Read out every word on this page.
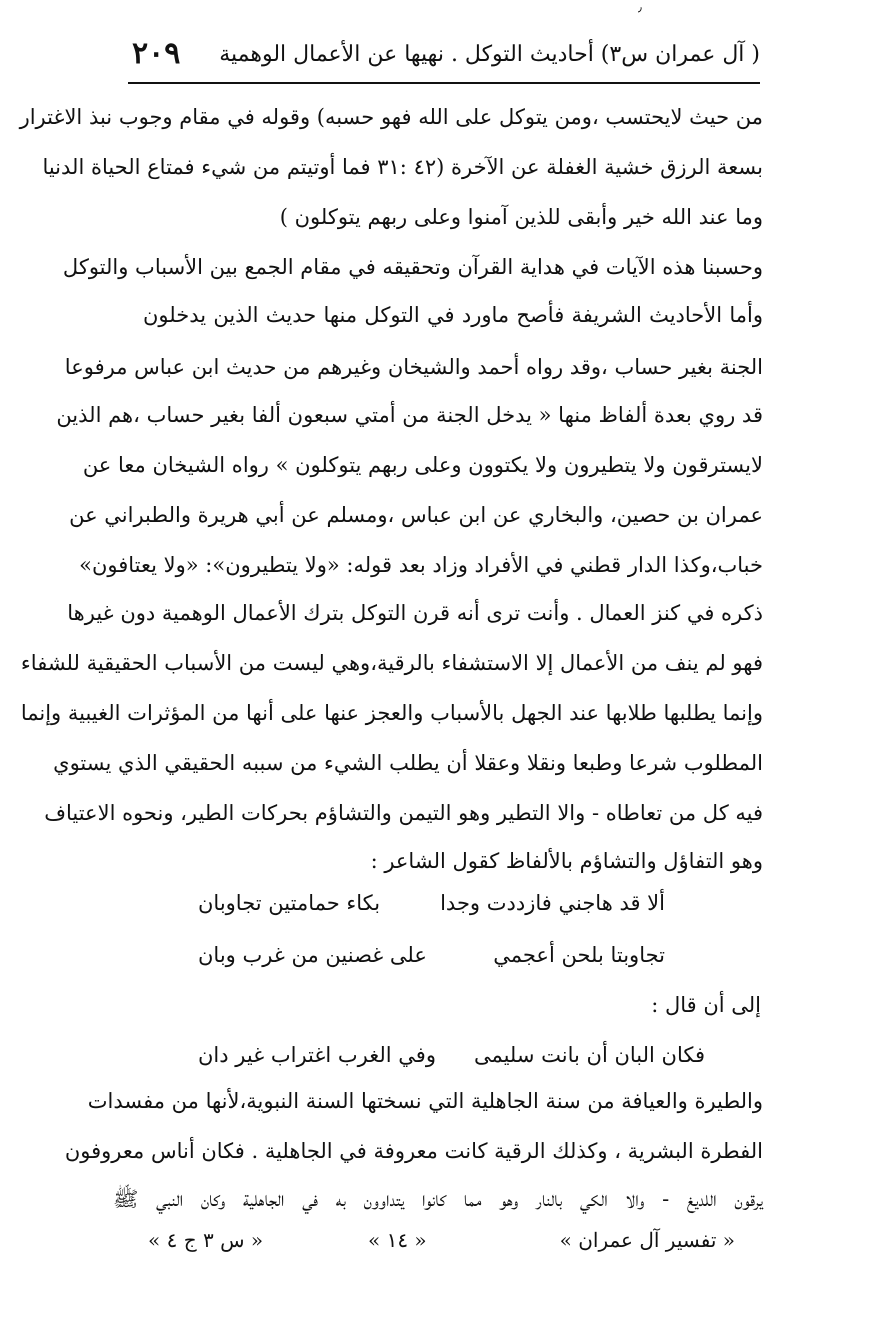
٫
( آل عمران س٣) أحاديث التوكل . نهيها عن الأعمال الوهمية
٢٠٩
من حيث لايحتسب ،ومن يتوكل على الله فهو حسبه) وقوله في مقام وجوب نبذ الاغترار
بسعة الرزق خشية الغفلة عن الآخرة (٤٢ :٣١ فما أوتيتم من شيء فمتاع الحياة الدنيا
وما عند الله خير وأبقى للذين آمنوا وعلى ربهم يتوكلون )
وحسبنا هذه الآيات في هداية القرآن وتحقيقه في مقام الجمع بين الأسباب والتوكل
وأما الأحاديث الشريفة فأصح ماورد في التوكل منها حديث الذين يدخلون
الجنة بغير حساب ،وقد رواه أحمد والشيخان وغيرهم من حديث ابن عباس مرفوعا
قد روي بعدة ألفاظ منها « يدخل الجنة من أمتي سبعون ألفا بغير حساب ،هم الذين
لايسترقون ولا يتطيرون ولا يكتوون وعلى ربهم يتوكلون » رواه الشيخان معا عن
عمران بن حصين، والبخاري عن ابن عباس ،ومسلم عن أبي هريرة والطبراني عن
خباب،وكذا الدار قطني في الأفراد وزاد بعد قوله: «ولا يتطيرون»: «ولا يعتافون»
ذكره في كنز العمال . وأنت ترى أنه قرن التوكل بترك الأعمال الوهمية دون غيرها
فهو لم ينف من الأعمال إلا الاستشفاء بالرقية،وهي ليست من الأسباب الحقيقية للشفاء
وإنما يطلبها طلابها عند الجهل بالأسباب والعجز عنها على أنها من المؤثرات الغيبية وإنما
المطلوب شرعا وطبعا ونقلا وعقلا أن يطلب الشيء من سببه الحقيقي الذي يستوي
فيه كل من تعاطاه - والا التطير وهو التيمن والتشاؤم بحركات الطير، ونحوه الاعتياف
وهو التفاؤل والتشاؤم بالألفاظ كقول الشاعر :
ألا قد هاجني فازددت وجدا
بكاء حمامتين تجاوبان
تجاوبتا بلحن أعجمي
على غصنين من غرب وبان
إلى أن قال :
فكان البان أن بانت سليمى
وفي الغرب اغتراب غير دان
والطيرة والعيافة من سنة الجاهلية التي نسختها السنة النبوية،لأنها من مفسدات
الفطرة البشرية ، وكذلك الرقية كانت معروفة في الجاهلية . فكان أناس معروفون
يرقون اللديغ - والا الكي بالنار وهو مما كانوا يتداوون به في الجاهلية وكان النبي ﷺ
« تفسير آل عمران »
« ١٤ »
« س ٣ ج ٤ »
